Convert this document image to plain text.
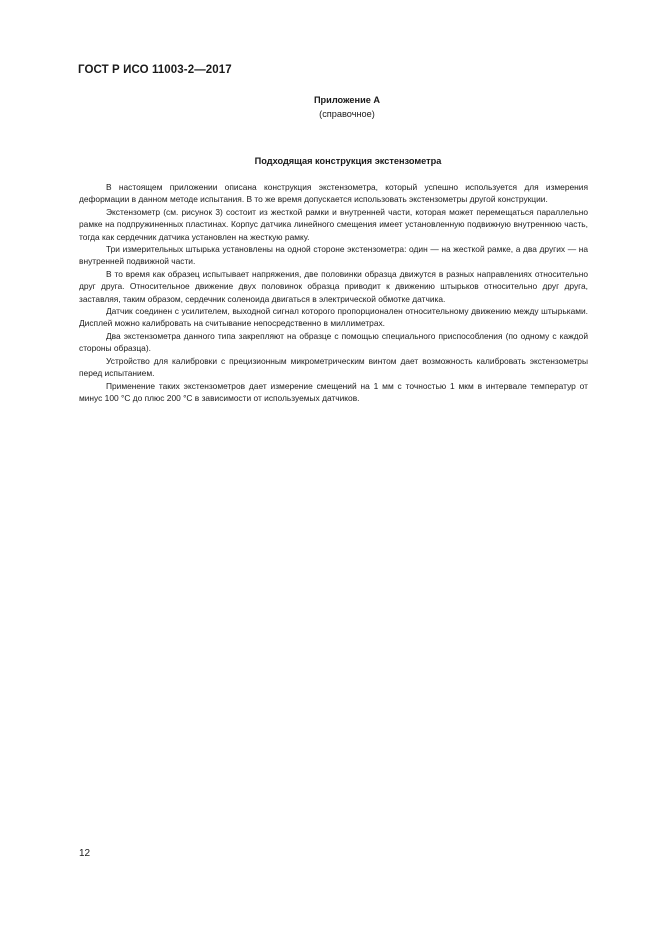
ГОСТ Р ИСО 11003-2—2017
Приложение А
(справочное)
Подходящая конструкция экстензометра

В настоящем приложении описана конструкция экстензометра, который успешно используется для измерения деформации в данном методе испытания. В то же время допускается использовать экстензометры другой конструкции.

Экстензометр (см. рисунок 3) состоит из жесткой рамки и внутренней части, которая может перемещаться параллельно рамке на подпружиненных пластинах. Корпус датчика линейного смещения имеет установленную подвижную внутреннюю часть, тогда как сердечник датчика установлен на жесткую рамку.

Три измерительных штырька установлены на одной стороне экстензометра: один — на жесткой рамке, а два других — на внутренней подвижной части.

В то время как образец испытывает напряжения, две половинки образца движутся в разных направлениях относительно друг друга. Относительное движение двух половинок образца приводит к движению штырьков относительно друг друга, заставляя, таким образом, сердечник соленоида двигаться в электрической обмотке датчика.

Датчик соединен с усилителем, выходной сигнал которого пропорционален относительному движению между штырьками. Дисплей можно калибровать на считывание непосредственно в миллиметрах.

Два экстензометра данного типа закрепляют на образце с помощью специального приспособления (по одному с каждой стороны образца).

Устройство для калибровки с прецизионным микрометрическим винтом дает возможность калибровать экстензометры перед испытанием.

Применение таких экстензометров дает измерение смещений на 1 мм с точностью 1 мкм в интервале температур от минус 100 °C до плюс 200 °C в зависимости от используемых датчиков.

12
